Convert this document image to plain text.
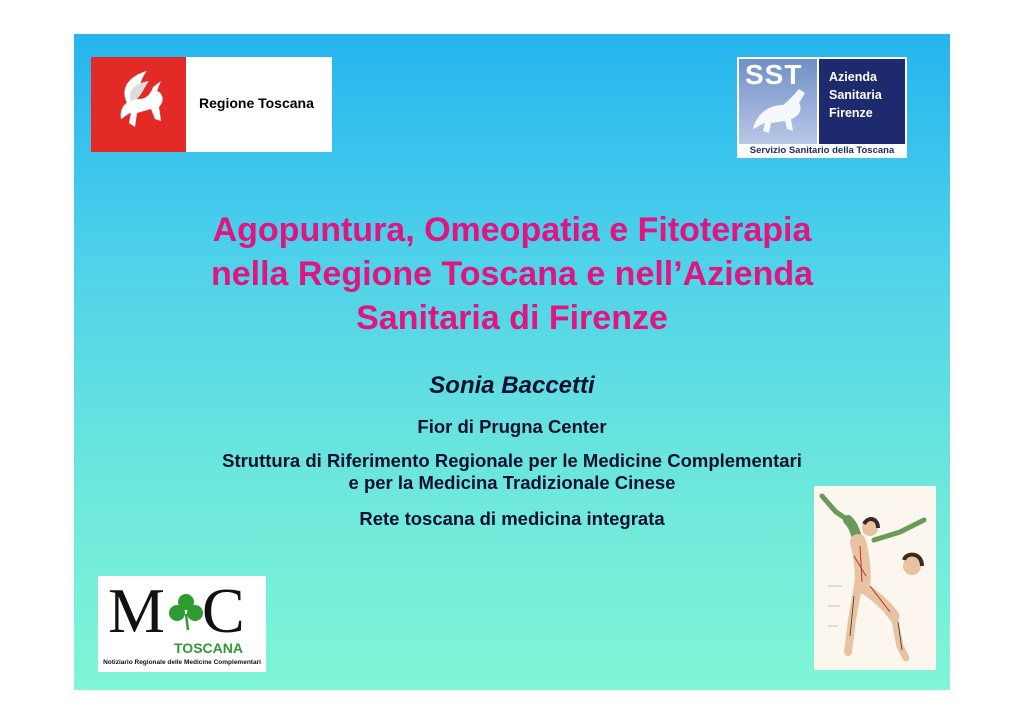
Regione Toscana
SST Azienda
Sanitaria
Firenze
Servizio Sanitario della Toscana
Agopuntura, Omeopatia e Fitoterapia
nella Regione Toscana e nell’Azienda
Sanitaria di Firenze
Sonia Baccetti
Fior di Prugna Center
Struttura di Riferimento Regionale per le Medicine Complementari
e per la Medicina Tradizionale Cinese
Rete toscana di medicina integrata
M C
TOSCANA
Notiziario Regionale delle Medicine Complementari
